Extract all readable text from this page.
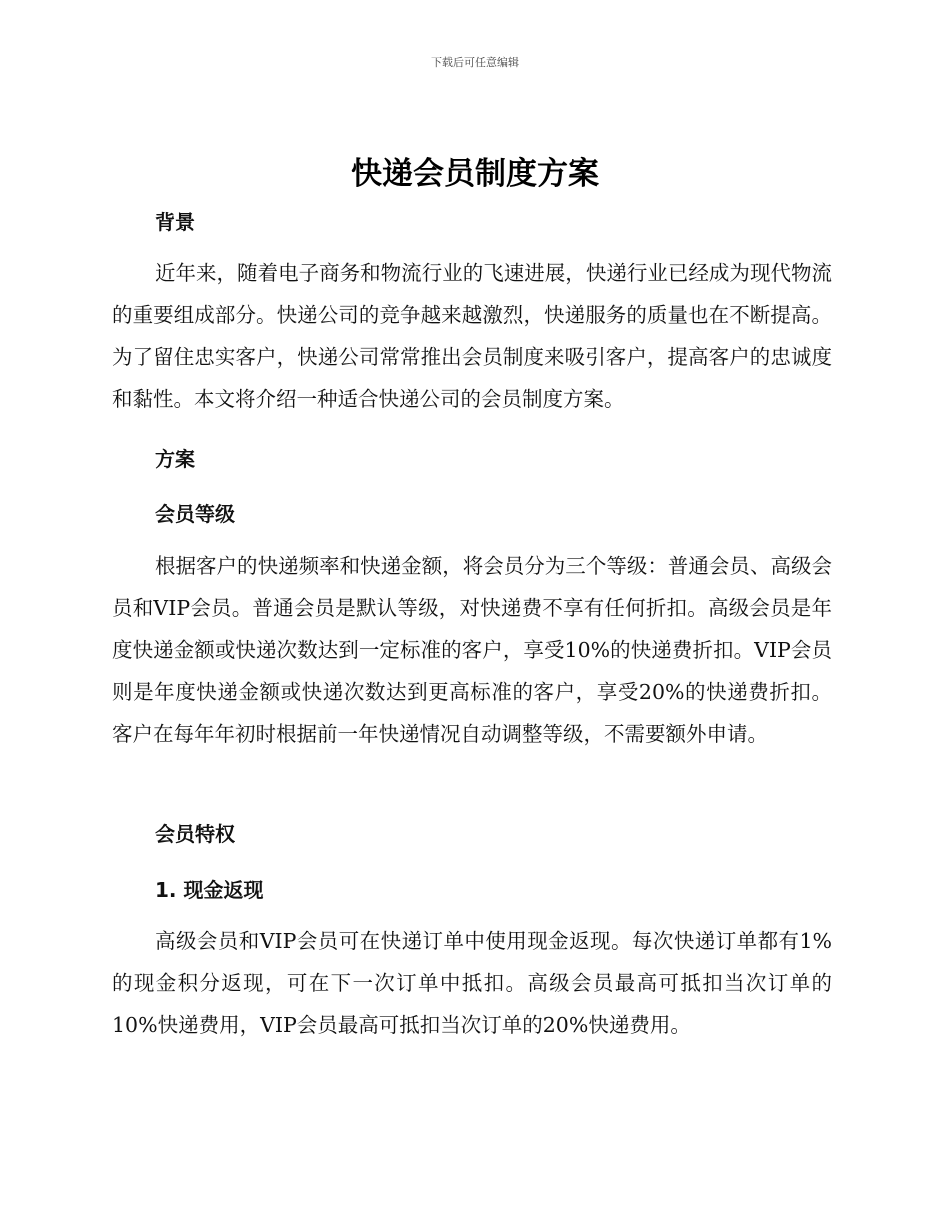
下载后可任意编辑
快递会员制度方案
背景

近年来，随着电子商务和物流行业的飞速进展，快递行业已经成为现代物流的重要组成部分。快递公司的竞争越来越激烈，快递服务的质量也在不断提高。为了留住忠实客户，快递公司常常推出会员制度来吸引客户，提高客户的忠诚度和黏性。本文将介绍一种适合快递公司的会员制度方案。

方案
会员等级

根据客户的快递频率和快递金额，将会员分为三个等级：普通会员、高级会员和VIP会员。普通会员是默认等级，对快递费不享有任何折扣。高级会员是年度快递金额或快递次数达到一定标准的客户，享受10%的快递费折扣。VIP会员则是年度快递金额或快递次数达到更高标准的客户，享受20%的快递费折扣。客户在每年年初时根据前一年快递情况自动调整等级，不需要额外申请。

会员特权
1. 现金返现

高级会员和VIP会员可在快递订单中使用现金返现。每次快递订单都有1%的现金积分返现，可在下一次订单中抵扣。高级会员最高可抵扣当次订单的10%快递费用，VIP会员最高可抵扣当次订单的20%快递费用。
